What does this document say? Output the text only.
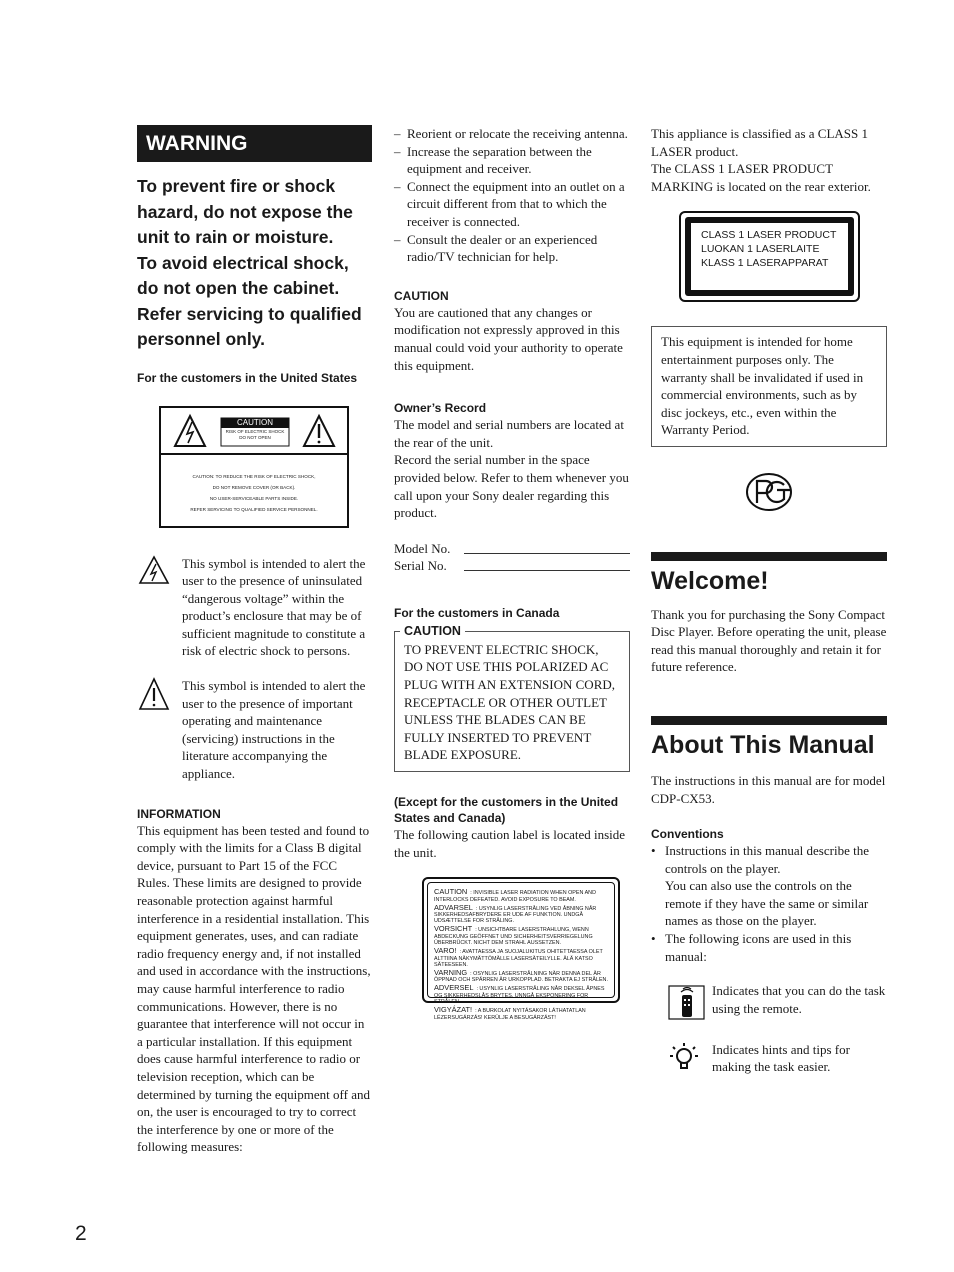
WARNING

To prevent fire or shock hazard, do not expose the unit to rain or moisture.

To avoid electrical shock, do not open the cabinet. Refer servicing to qualified personnel only.

For the customers in the United States

CAUTION
RISK OF ELECTRIC SHOCK DO NOT OPEN
CAUTION: TO REDUCE THE RISK OF ELECTRIC SHOCK,
DO NOT REMOVE COVER (OR BACK).
NO USER-SERVICEABLE PARTS INSIDE.
REFER SERVICING TO QUALIFIED SERVICE PERSONNEL.

This symbol is intended to alert the user to the presence of uninsulated “dangerous voltage” within the product’s enclosure that may be of sufficient magnitude to constitute a risk of electric shock to persons.

This symbol is intended to alert the user to the presence of important operating and maintenance (servicing) instructions in the literature accompanying the appliance.

INFORMATION

This equipment has been tested and found to comply with the limits for a Class B digital device, pursuant to Part 15 of the FCC Rules. These limits are designed to provide reasonable protection against harmful interference in a residential installation. This equipment generates, uses, and can radiate radio frequency energy and, if not installed and used in accordance with the instructions, may cause harmful interference to radio communications. However, there is no guarantee that interference will not occur in a particular installation. If this equipment does cause harmful interference to radio or television reception, which can be determined by turning the equipment off and on, the user is encouraged to try to correct the interference by one or more of the following measures:

– Reorient or relocate the receiving antenna.

– Increase the separation between the equipment and receiver.

– Connect the equipment into an outlet on a circuit different from that to which the receiver is connected.

– Consult the dealer or an experienced radio/TV technician for help.

CAUTION

You are cautioned that any changes or modification not expressly approved in this manual could void your authority to operate this equipment.

Owner’s Record

The model and serial numbers are located at the rear of the unit.

Record the serial number in the space provided below. Refer to them whenever you call upon your Sony dealer regarding this product.

Model No.
Serial No.

For the customers in Canada

TO PREVENT ELECTRIC SHOCK, DO NOT USE THIS POLARIZED AC PLUG WITH AN EXTENSION CORD, RECEPTACLE OR OTHER OUTLET UNLESS THE BLADES CAN BE FULLY INSERTED TO PREVENT BLADE EXPOSURE.

CAUTION

(Except for the customers in the United States and Canada)

The following caution label is located inside the unit.

CAUTION : INVISIBLE LASER RADIATION WHEN OPEN AND INTERLOCKS DEFEATED. AVOID EXPOSURE TO BEAM.
ADVARSEL : USYNLIG LASERSTRÅLING VED ÅBNING NÅR SIKKERHEDSAFBRYDERE ER UDE AF FUNKTION. UNDGÅ UDSÆTTELSE FOR STRÅLING.
VORSICHT : UNSICHTBARE LASERSTRAHLUNG, WENN ABDECKUNG GEÖFFNET UND SICHERHEITSVERRIEGELUNG ÜBERBRÜCKT. NICHT DEM STRAHL AUSSETZEN.
VARO! : AVATTAESSA JA SUOJALUKITUS OHITETTAESSA OLET ALTTIINA NÄKYMÄTTÖMÄLLE LASERSÄTEILYLLE. ÄLÄ KATSO SÄTEESEEN.
VARNING : OSYNLIG LASERSTRÅLNING NÄR DENNA DEL ÄR ÖPPNAD OCH SPÄRREN ÄR URKOPPLAD. BETRAKTA EJ STRÅLEN.
ADVERSEL : USYNLIG LASERSTRÅLING NÅR DEKSEL ÅPNES OG SIKKERHEDSLÅS BRYTES. UNNGÅ EKSPONERING FOR STRÅLEN.
VIGYÁZAT! : A BURKOLAT NYITÁSAKOR LÁTHATATLAN LÉZERSUGÁRZÁS! KERÜLJE A BESUGÁRZÁST!

This appliance is classified as a CLASS 1 LASER product.

The CLASS 1 LASER PRODUCT MARKING is located on the rear exterior.

CLASS 1 LASER PRODUCT
LUOKAN 1 LASERLAITE
KLASS 1 LASERAPPARAT

This equipment is intended for home entertainment purposes only. The warranty shall be invalidated if used in commercial environments, such as by disc jockeys, etc., even within the Warranty Period.

Welcome!

Thank you for purchasing the Sony Compact Disc Player. Before operating the unit, please read this manual thoroughly and retain it for future reference.

About This Manual

The instructions in this manual are for model CDP-CX53.

Conventions

• Instructions in this manual describe the controls on the player.

You can also use the controls on the remote if they have the same or similar names as those on the player.

• The following icons are used in this manual:

Indicates that you can do the task using the remote.

Indicates hints and tips for making the task easier.

2
